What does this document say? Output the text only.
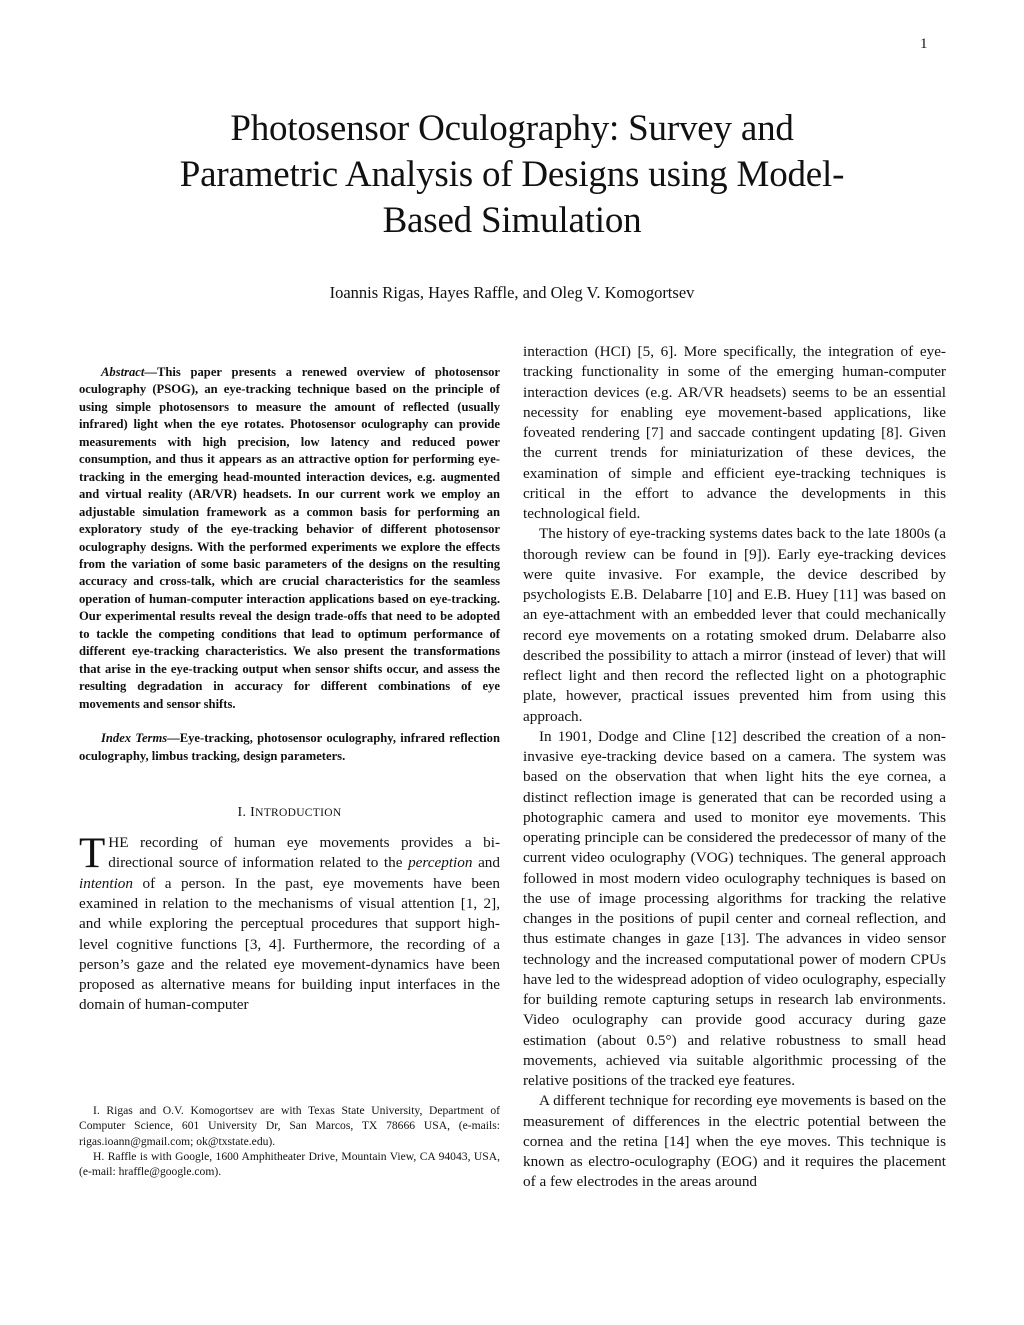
1
Photosensor Oculography: Survey and
Parametric Analysis of Designs using Model-
Based Simulation
Ioannis Rigas, Hayes Raffle, and Oleg V. Komogortsev

Abstract—This paper presents a renewed overview of photosensor oculography (PSOG), an eye-tracking technique based on the principle of using simple photosensors to measure the amount of reflected (usually infrared) light when the eye rotates. Photosensor oculography can provide measurements with high precision, low latency and reduced power consumption, and thus it appears as an attractive option for performing eye-tracking in the emerging head-mounted interaction devices, e.g. augmented and virtual reality (AR/VR) headsets. In our current work we employ an adjustable simulation framework as a common basis for performing an exploratory study of the eye-tracking behavior of different photosensor oculography designs. With the performed experiments we explore the effects from the variation of some basic parameters of the designs on the resulting accuracy and cross-talk, which are crucial characteristics for the seamless operation of human-computer interaction applications based on eye-tracking. Our experimental results reveal the design trade-offs that need to be adopted to tackle the competing conditions that lead to optimum performance of different eye-tracking characteristics. We also present the transformations that arise in the eye-tracking output when sensor shifts occur, and assess the resulting degradation in accuracy for different combinations of eye movements and sensor shifts.

Index Terms—Eye-tracking, photosensor oculography, infrared reflection oculography, limbus tracking, design parameters.

I. INTRODUCTION

THE recording of human eye movements provides a bi-directional source of information related to the perception and intention of a person. In the past, eye movements have been examined in relation to the mechanisms of visual attention [1, 2], and while exploring the perceptual procedures that support high-level cognitive functions [3, 4]. Furthermore, the recording of a person’s gaze and the related eye movement-dynamics have been proposed as alternative means for building input interfaces in the domain of human-computer

I. Rigas and O.V. Komogortsev are with Texas State University, Department of Computer Science, 601 University Dr, San Marcos, TX 78666 USA, (e-mails: rigas.ioann@gmail.com; ok@txstate.edu).

H. Raffle is with Google, 1600 Amphitheater Drive, Mountain View, CA 94043, USA, (e-mail: hraffle@google.com).

interaction (HCI) [5, 6]. More specifically, the integration of eye-tracking functionality in some of the emerging human-computer interaction devices (e.g. AR/VR headsets) seems to be an essential necessity for enabling eye movement-based applications, like foveated rendering [7] and saccade contingent updating [8]. Given the current trends for miniaturization of these devices, the examination of simple and efficient eye-tracking techniques is critical in the effort to advance the developments in this technological field.

The history of eye-tracking systems dates back to the late 1800s (a thorough review can be found in [9]). Early eye-tracking devices were quite invasive. For example, the device described by psychologists E.B. Delabarre [10] and E.B. Huey [11] was based on an eye-attachment with an embedded lever that could mechanically record eye movements on a rotating smoked drum. Delabarre also described the possibility to attach a mirror (instead of lever) that will reflect light and then record the reflected light on a photographic plate, however, practical issues prevented him from using this approach.

In 1901, Dodge and Cline [12] described the creation of a non-invasive eye-tracking device based on a camera. The system was based on the observation that when light hits the eye cornea, a distinct reflection image is generated that can be recorded using a photographic camera and used to monitor eye movements. This operating principle can be considered the predecessor of many of the current video oculography (VOG) techniques. The general approach followed in most modern video oculography techniques is based on the use of image processing algorithms for tracking the relative changes in the positions of pupil center and corneal reflection, and thus estimate changes in gaze [13]. The advances in video sensor technology and the increased computational power of modern CPUs have led to the widespread adoption of video oculography, especially for building remote capturing setups in research lab environments. Video oculography can provide good accuracy during gaze estimation (about 0.5°) and relative robustness to small head movements, achieved via suitable algorithmic processing of the relative positions of the tracked eye features.

A different technique for recording eye movements is based on the measurement of differences in the electric potential between the cornea and the retina [14] when the eye moves. This technique is known as electro-oculography (EOG) and it requires the placement of a few electrodes in the areas around
